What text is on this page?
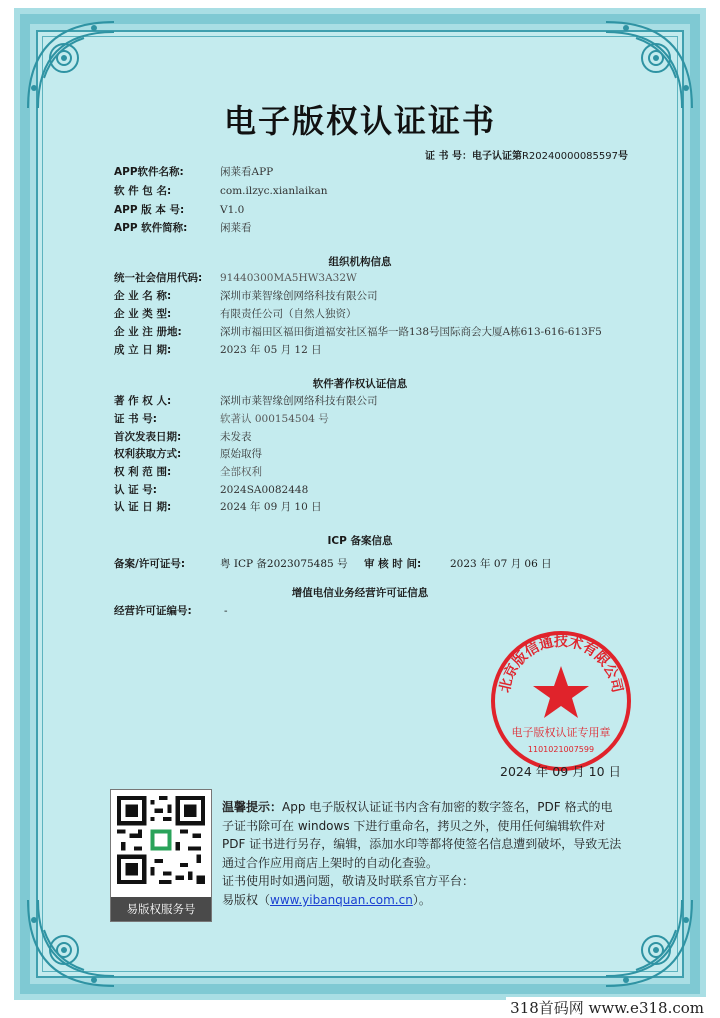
电子版权认证证书
证 书 号：电子认证第R20240000085597号
APP软件名称:	闲莱看APP
软 件 包 名:	com.ilzyc.xianlaikan
APP 版 本 号:	V1.0
APP 软件简称:	闲莱看
组织机构信息
统一社会信用代码:	91440300MA5HW3A32W
企 业 名 称:	深圳市莱智缘创网络科技有限公司
企 业 类 型:	有限责任公司（自然人独资）
企 业 注 册地:	深圳市福田区福田街道福安社区福华一路138号国际商会大厦A栋613-616-613F5
成 立 日 期:	2023 年 05 月 12 日
软件著作权认证信息
著 作 权 人:	深圳市莱智缘创网络科技有限公司
证 书 号:	软著认 000154504 号
首次发表日期:	未发表
权利获取方式:	原始取得
权 利 范 围:	全部权利
认 证 号:	2024SA0082448
认 证 日 期:	2024 年 09 月 10 日
ICP 备案信息
备案/许可证号:	粤 ICP 备2023075485 号 审 核 时 间:	2023 年 07 月 06 日
增值电信业务经营许可证信息
经营许可证编号:	-
北京版信通技术有限公司
电子版权认证专用章
1101021007599
2024 年 09 月 10 日
易版权服务号
温馨提示：App 电子版权认证证书内含有加密的数字签名，PDF 格式的电子证书除可在 windows 下进行重命名，拷贝之外，使用任何编辑软件对 PDF 证书进行另存，编辑，添加水印等都将使签名信息遭到破坏，导致无法通过合作应用商店上架时的自动化查验。
证书使用时如遇问题，敬请及时联系官方平台：
易版权（www.yibanquan.com.cn）。
318首码网 www.e318.com
